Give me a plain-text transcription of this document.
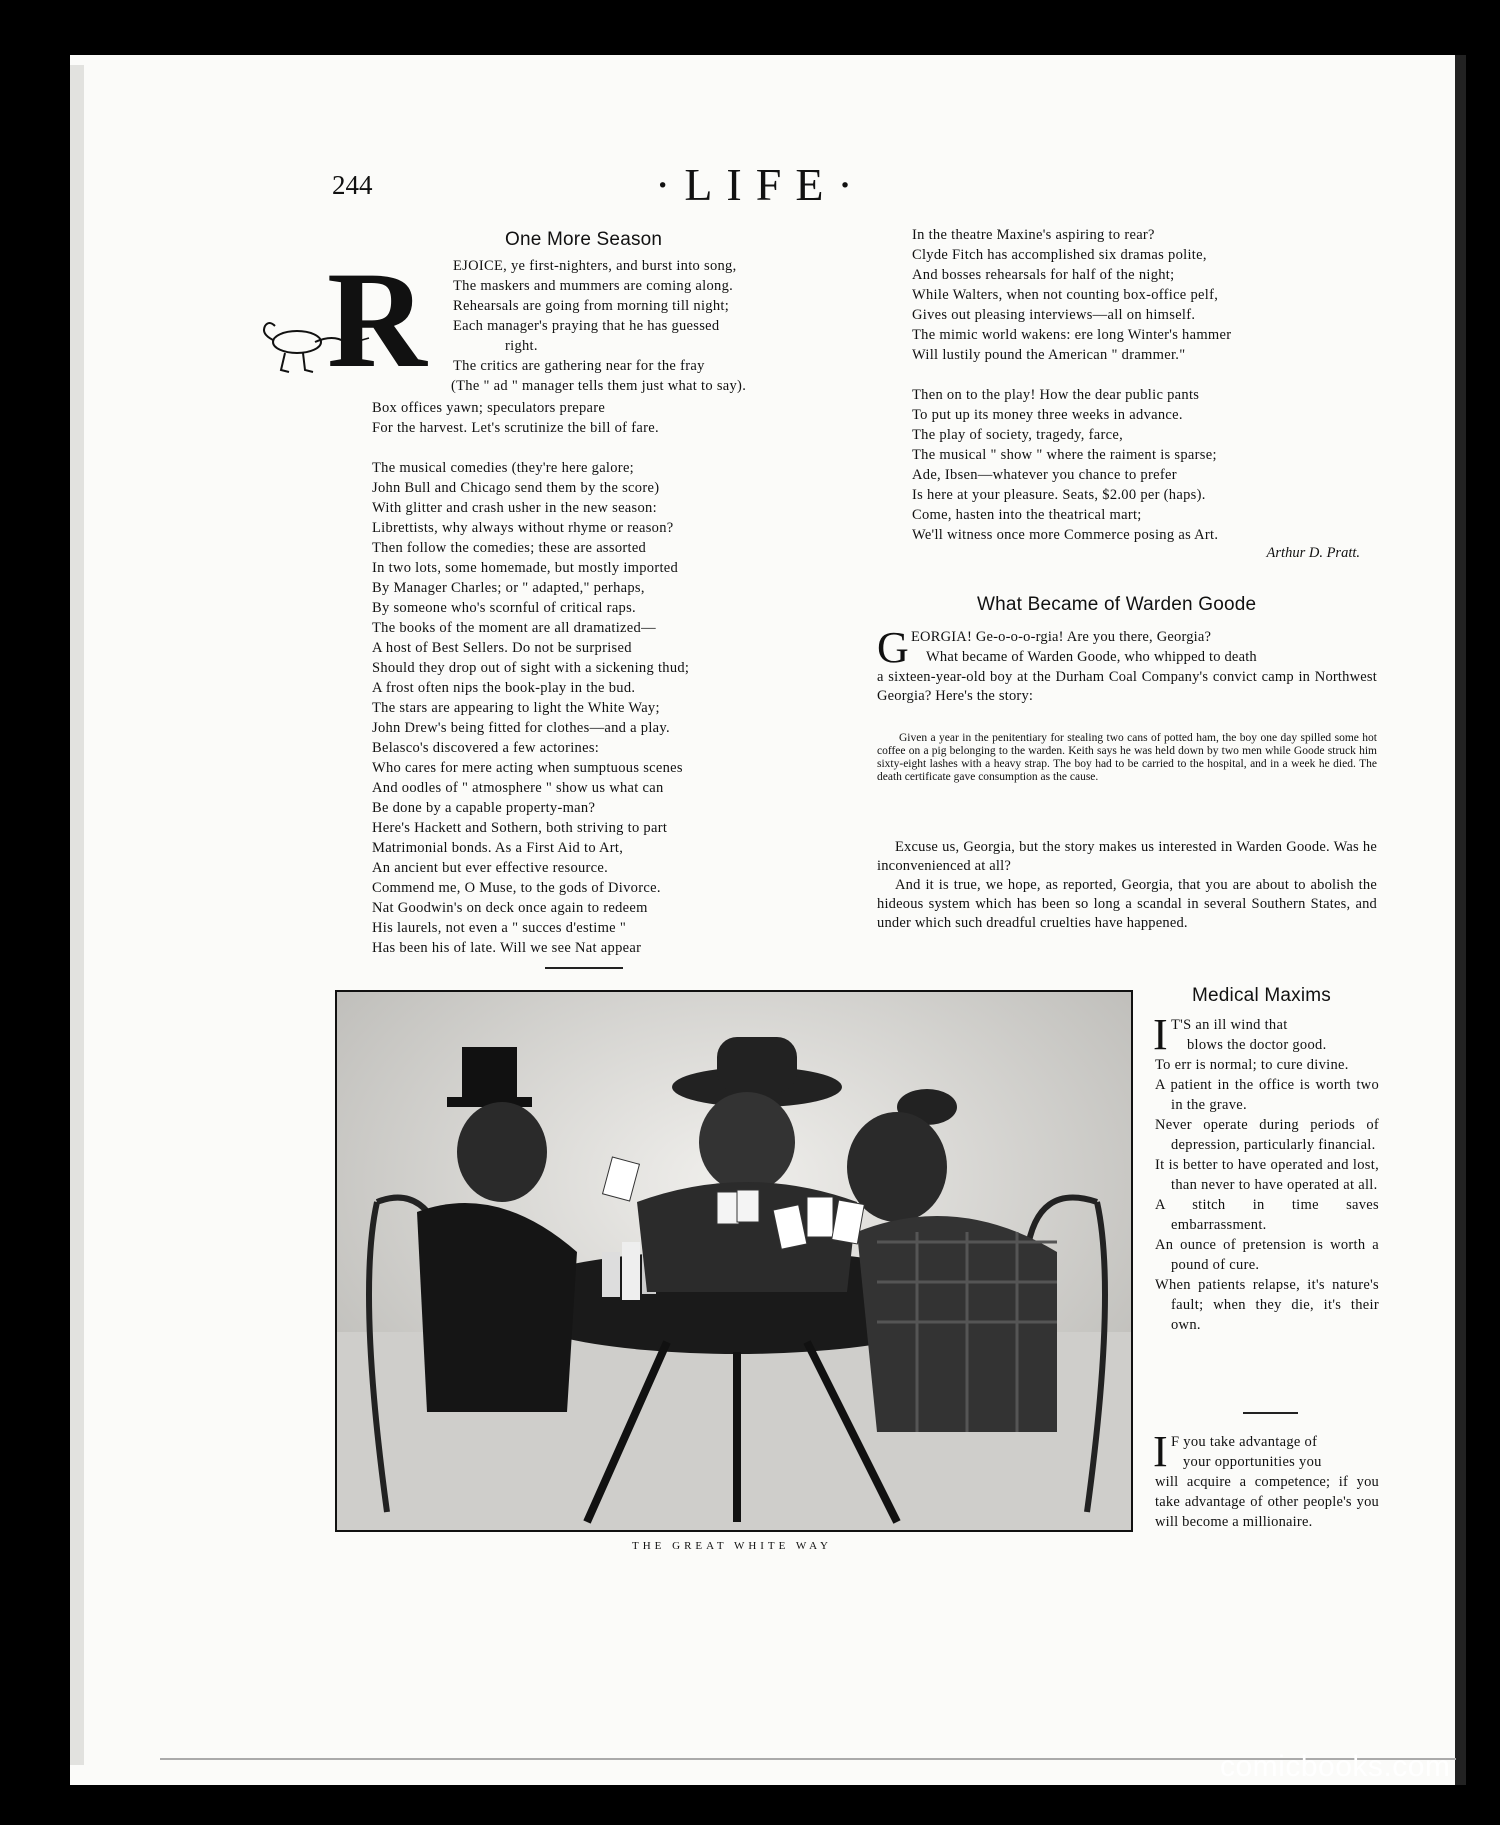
244	·LIFE·
One More Season
R EJOICE, ye first-nighters, and burst into song,
The maskers and mummers are coming along.
Rehearsals are going from morning till night;
Each manager's praying that he has guessed
right.
The critics are gathering near for the fray
(The " ad " manager tells them just what to say).
Box offices yawn; speculators prepare
For the harvest. Let's scrutinize the bill of fare.
The musical comedies (they're here galore;
John Bull and Chicago send them by the score)
With glitter and crash usher in the new season:
Librettists, why always without rhyme or reason?
Then follow the comedies; these are assorted
In two lots, some homemade, but mostly imported
By Manager Charles; or " adapted," perhaps,
By someone who's scornful of critical raps.
The books of the moment are all dramatized—
A host of Best Sellers. Do not be surprised
Should they drop out of sight with a sickening thud;
A frost often nips the book-play in the bud.
The stars are appearing to light the White Way;
John Drew's being fitted for clothes—and a play.
Belasco's discovered a few actorines:
Who cares for mere acting when sumptuous scenes
And oodles of " atmosphere " show us what can
Be done by a capable property-man?
Here's Hackett and Sothern, both striving to part
Matrimonial bonds. As a First Aid to Art,
An ancient but ever effective resource.
Commend me, O Muse, to the gods of Divorce.
Nat Goodwin's on deck once again to redeem
His laurels, not even a " succes d'estime "
Has been his of late. Will we see Nat appear
In the theatre Maxine's aspiring to rear?
Clyde Fitch has accomplished six dramas polite,
And bosses rehearsals for half of the night;
While Walters, when not counting box-office pelf,
Gives out pleasing interviews—all on himself.
The mimic world wakens: ere long Winter's hammer
Will lustily pound the American " drammer."
Then on to the play! How the dear public pants
To put up its money three weeks in advance.
The play of society, tragedy, farce,
The musical " show " where the raiment is sparse;
Ade, Ibsen—whatever you chance to prefer
Is here at your pleasure. Seats, $2.00 per (haps).
Come, hasten into the theatrical mart;
We'll witness once more Commerce posing as Art.
Arthur D. Pratt.
What Became of Warden Goode
G EORGIA! Ge-o-o-o-rgia! Are you there, Georgia?
What became of Warden Goode, who whipped to death
a sixteen-year-old boy at the Durham Coal Company's convict camp in Northwest Georgia? Here's the story:

Given a year in the penitentiary for stealing two cans of potted ham, the boy one day spilled some hot coffee on a pig belonging to the warden. Keith says he was held down by two men while Goode struck him sixty-eight lashes with a heavy strap. The boy had to be carried to the hospital, and in a week he died. The death certificate gave consumption as the cause.

Excuse us, Georgia, but the story makes us interested in Warden Goode. Was he inconvenienced at all?

And it is true, we hope, as reported, Georgia, that you are about to abolish the hideous system which has been so long a scandal in several Southern States, and under which such dreadful cruelties have happened.

THE GREAT WHITE WAY
Medical Maxims
I T'S an ill wind that
blows the doctor good.
To err is normal; to cure divine.
A patient in the office is worth two in the grave.
Never operate during periods of depression, particularly financial.
It is better to have operated and lost, than never to have operated at all.
A stitch in time saves embarrassment.
An ounce of pretension is worth a pound of cure.
When patients relapse, it's nature's fault; when they die, it's their own.
I F you take advantage of
your opportunities you
will acquire a competence; if you take advantage of other people's you will become a millionaire.
comicbooks.com
